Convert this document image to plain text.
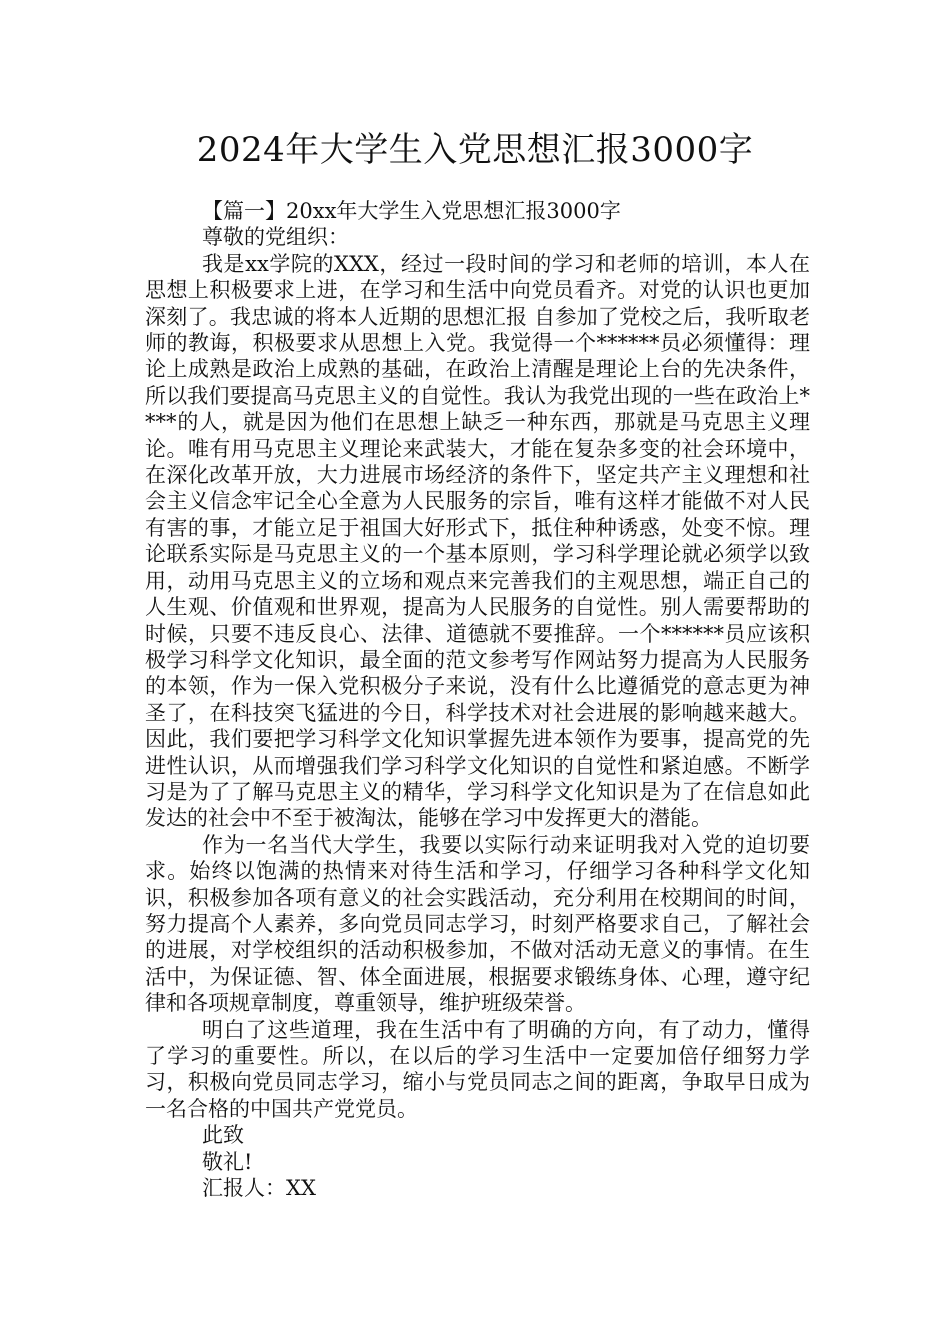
2024年大学生入党思想汇报3000字

【篇一】20xx年大学生入党思想汇报3000字

尊敬的党组织：

我是xx学院的XXX，经过一段时间的学习和老师的培训，本人在思想上积极要求上进，在学习和生活中向党员看齐。对党的认识也更加深刻了。我忠诚的将本人近期的思想汇报 自参加了党校之后，我听取老师的教诲，积极要求从思想上入党。我觉得一个******员必须懂得：理论上成熟是政治上成熟的基础，在政治上清醒是理论上台的先决条件，所以我们要提高马克思主义的自觉性。我认为我党出现的一些在政治上****的人，就是因为他们在思想上缺乏一种东西，那就是马克思主义理论。唯有用马克思主义理论来武装大，才能在复杂多变的社会环境中，在深化改革开放，大力进展市场经济的条件下，坚定共产主义理想和社会主义信念牢记全心全意为人民服务的宗旨，唯有这样才能做不对人民有害的事，才能立足于祖国大好形式下，抵住种种诱惑，处变不惊。理论联系实际是马克思主义的一个基本原则，学习科学理论就必须学以致用，动用马克思主义的立场和观点来完善我们的主观思想，端正自己的人生观、价值观和世界观，提高为人民服务的自觉性。别人需要帮助的时候，只要不违反良心、法律、道德就不要推辞。一个******员应该积极学习科学文化知识，最全面的范文参考写作网站努力提高为人民服务的本领，作为一保入党积极分子来说，没有什么比遵循党的意志更为神圣了，在科技突飞猛进的今日，科学技术对社会进展的影响越来越大。因此，我们要把学习科学文化知识掌握先进本领作为要事，提高党的先进性认识，从而增强我们学习科学文化知识的自觉性和紧迫感。不断学习是为了了解马克思主义的精华，学习科学文化知识是为了在信息如此发达的社会中不至于被淘汰，能够在学习中发挥更大的潜能。

作为一名当代大学生，我要以实际行动来证明我对入党的迫切要求。始终以饱满的热情来对待生活和学习，仔细学习各种科学文化知识，积极参加各项有意义的社会实践活动，充分利用在校期间的时间，努力提高个人素养，多向党员同志学习，时刻严格要求自己，了解社会的进展，对学校组织的活动积极参加，不做对活动无意义的事情。在生活中，为保证德、智、体全面进展，根据要求锻练身体、心理，遵守纪律和各项规章制度，尊重领导，维护班级荣誉。

明白了这些道理，我在生活中有了明确的方向，有了动力，懂得了学习的重要性。所以，在以后的学习生活中一定要加倍仔细努力学习，积极向党员同志学习，缩小与党员同志之间的距离，争取早日成为一名合格的中国共产党党员。

此致

敬礼!

汇报人：XX
